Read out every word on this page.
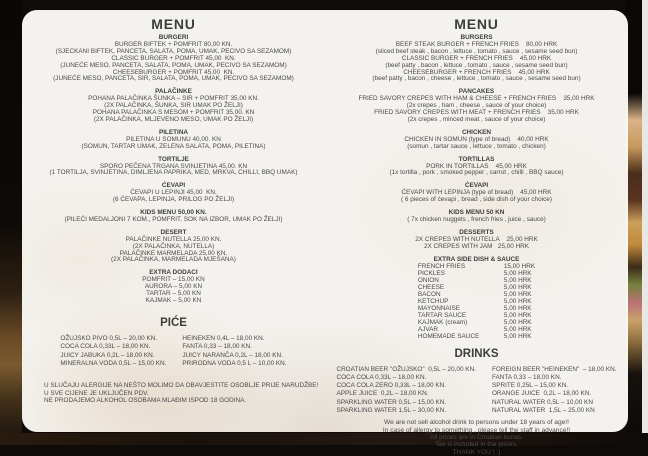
MENU
BURGERI
BURGER BIFTEK + POMFRIT 80,00 KN.
(SJECKANI BIFTEK, PANCETA, SALATA, POMA, UMAK, PECIVO SA SEZAMOM)
CLASSIC BURGER + POMFRIT 45,00  KN.
(JUNEĆE MESO, PANCETA, SALATA, POMA, UMAK, PECIVO SA SEZAMOM)
CHEESEBURGER + POMFRIT 45,00  KN.
(JUNEĆE MESO, PANCETA, SIR, SALATA, POMA, UMAK, PECIVO SA SEZAMOM)
PALAČINKE
POHANA PALAČINKA ŠUNKA – SIR + POMFRIT 35,00 KN.
(2X PALAČINKA, ŠUNKA, SIR UMAK PO ŽELJI)
POHANA PALAČINKA S MESOM + POMFRIT 35,00. KN
(2X PALAČINKA, MLJEVENO MESO, UMAK PO ŽELJI)
PILETINA
PILETINA U SOMUNU 40,00. KN
(SOMUN, TARTAR UMAK, ZELENA SALATA, POMA, PILETINA)
TORTILJE
SPORO PEČENA TRGANA SVINJETINA 45,00. KN
(1 TORTILJA, SVINJETINA, DIMLJENA PAPRIKA, MED, MRKVA, CHILLI, BBQ UMAK)
ĆEVAPI
ĆEVAPI U LEPINJI 45,00  KN.
(6 ĆEVAPA, LEPINJA, PRILOG PO ŽELJI)
KIDS MENU 50,00 KN.
(PILEĆI MEDALJONI 7 KOM., POMFRIT, SOK NA IZBOR, UMAK PO ŽELJI)
DESERT
PALAČINKE NUTELLA 25,00 KN.
(2X PALAČINKA, NUTELLA)
PALAČINKE MARMELADA 25,00 KN.
(2X PALAČINKA, MARMELADA MJEŠANA)
EXTRA DODACI
POMFRIT – 15,00 KN
AURORA – 5,00 KN
TARTAR – 5,00 KN
KAJMAK – 5,00 KN
PIĆE
OŽUJSKO PIVO 0,5L – 20,00 KN.
COCA COLA 0,33L – 18,00 KN.
JUICY JABUKA 0,2L – 18,00 KN.
MINERALNA VODA 0,5L – 15,00 KN.
HEINEKEN 0,4L – 18,00 KN.
FANTA 0,33 – 18,00 KN.
JUICY NARANČA 0,2L – 18,00 KN.
PRIRODNA VODA 0,5 L – 10,00 KN.
U SLUČAJU ALERGIJE NA NEŠTO MOLIMO DA OBAVJESTITE OSOBLJE PRIJE NARUDŽBE!
U SVE CIJENE JE UKLJUČEN PDV.
NE PRODAJEMO ALKOHOL OSOBAMA MLAĐIM ISPOD 18 GODINA.
MENU
BURGERS
BEEF STEAK BURGER + FRENCH FRIES    80,00 HRK
(sliced beef steak , bacon , lettuce , tomato , sauce , sesame seed bun)
CLASSIC BURGER + FRENCH FRIES    45,00 HRK
(beef patty , bacon , lettuce , tomato , sauce , sesame seed bun)
CHEESEBURGER + FRENCH FRIES    45,00 HRK
(beef patty , bacon , cheese , lettuce , tomato , sauce , sesame seed bun)
PANCAKES
FRIED SAVORY CREPES WITH HAM & CHEESE + FRENCH FRIES    35,00 HRK
(2x crepes , ham , cheese , sauce of your choice)
FRIED SAVORY CREPES WITH MEAT + FRENCH FRIES    35,00 HRK
(2x crepes , minced meat , sauce of your choice)
CHICKEN
CHICKEN IN SOMUN (type of bread)    40,00 HRK
(somun , tartar sauce , lettuce , tomato , chicken)
TORTILLAS
PORK IN TORTILLAS    45,00 HRK
(1x tortilla , pork , smoked pepper , carrot , chilli , BBQ sauce)
ĆEVAPI
ĆEVAPI WITH LEPINJA (type of bread)    45,00 HRK
( 6 pieces of ćevapi , bread , side dish of your choice)
KIDS MENU 50 KN
( 7x chicken nuggets , french fries , juice , sauce)
DESSERTS
2X CREPES WITH NUTELLA    25,00 HRK
2X CREPES WITH JAM   25,00 HRK
EXTRA SIDE DISH & SAUCE
FRENCH FRIES	15,00 HRK
PICKLES	5,00 HRK
ONION	5,00 HRK
CHEESE	5,00 HRK
BACON	5,00 HRK
KETCHUP	5,00 HRK
MAYONNAISE	5,00 HRK
TARTAR SAUCE	5,00 HRK
KAJMAK (cream)	5,00 HRK
AJVAR	5,00 HRK
HOMEMADE SAUCE	5,00 HRK
DRINKS
CROATIAN BEER "OŽUJSKO"  0,5L – 20,00 KN.
COCA COLA 0,33L – 18,00 KN.
COCA COLA ZERO 0,33L – 18,00 KN.
APPLE JUICE  0,2L – 18,00 KN.
SPARKLING WATER 0,5L – 15,00 KN.
SPARKLING WATER 1,5L – 30,00 KN.
FOREIGN BEER "HEINEKEN"  – 18,00 KN.
FANTA 0,33 – 18,00 KN.
SPRITE 0,25L – 15,00 KN.
ORANGE JUICE  0,2L – 18,00 KN.
NATURAL WATER 0,5L – 10,00 KN
NATURAL WATER  1,5L – 25,00 KN
We are not sell alcohol drink to persons under 18 years of age!!
In case of allergy to something , please tell the staff in advance!!
All prices are in Croatian kunas.
Tax is included in the prices.
THANK YOU ! :)
